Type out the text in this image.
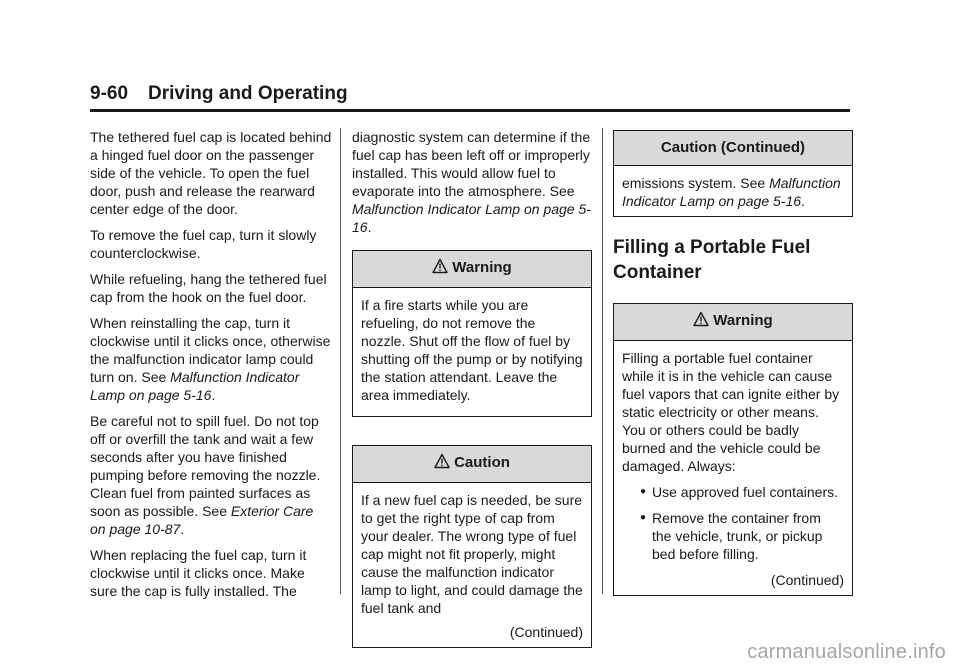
9-60 Driving and Operating

The tethered fuel cap is located behind a hinged fuel door on the passenger side of the vehicle. To open the fuel door, push and release the rearward center edge of the door.

To remove the fuel cap, turn it slowly counterclockwise.

While refueling, hang the tethered fuel cap from the hook on the fuel door.

When reinstalling the cap, turn it clockwise until it clicks once, otherwise the malfunction indicator lamp could turn on. See Malfunction Indicator Lamp on page 5-16.

Be careful not to spill fuel. Do not top off or overfill the tank and wait a few seconds after you have finished pumping before removing the nozzle. Clean fuel from painted surfaces as soon as possible. See Exterior Care on page 10-87.

When replacing the fuel cap, turn it clockwise until it clicks once. Make sure the cap is fully installed. The

diagnostic system can determine if the fuel cap has been left off or improperly installed. This would allow fuel to evaporate into the atmosphere. See Malfunction Indicator Lamp on page 5-16.

Warning

If a fire starts while you are refueling, do not remove the nozzle. Shut off the flow of fuel by shutting off the pump or by notifying the station attendant. Leave the area immediately.

Caution

If a new fuel cap is needed, be sure to get the right type of cap from your dealer. The wrong type of fuel cap might not fit properly, might cause the malfunction indicator lamp to light, and could damage the fuel tank and

(Continued)
Caution (Continued)

emissions system. See Malfunction Indicator Lamp on page 5-16.

Filling a Portable Fuel Container
Warning

Filling a portable fuel container while it is in the vehicle can cause fuel vapors that can ignite either by static electricity or other means. You or others could be badly burned and the vehicle could be damaged. Always:

● Use approved fuel containers.
● Remove the container from the vehicle, trunk, or pickup bed before filling.
(Continued)
carmanualsonline.info
